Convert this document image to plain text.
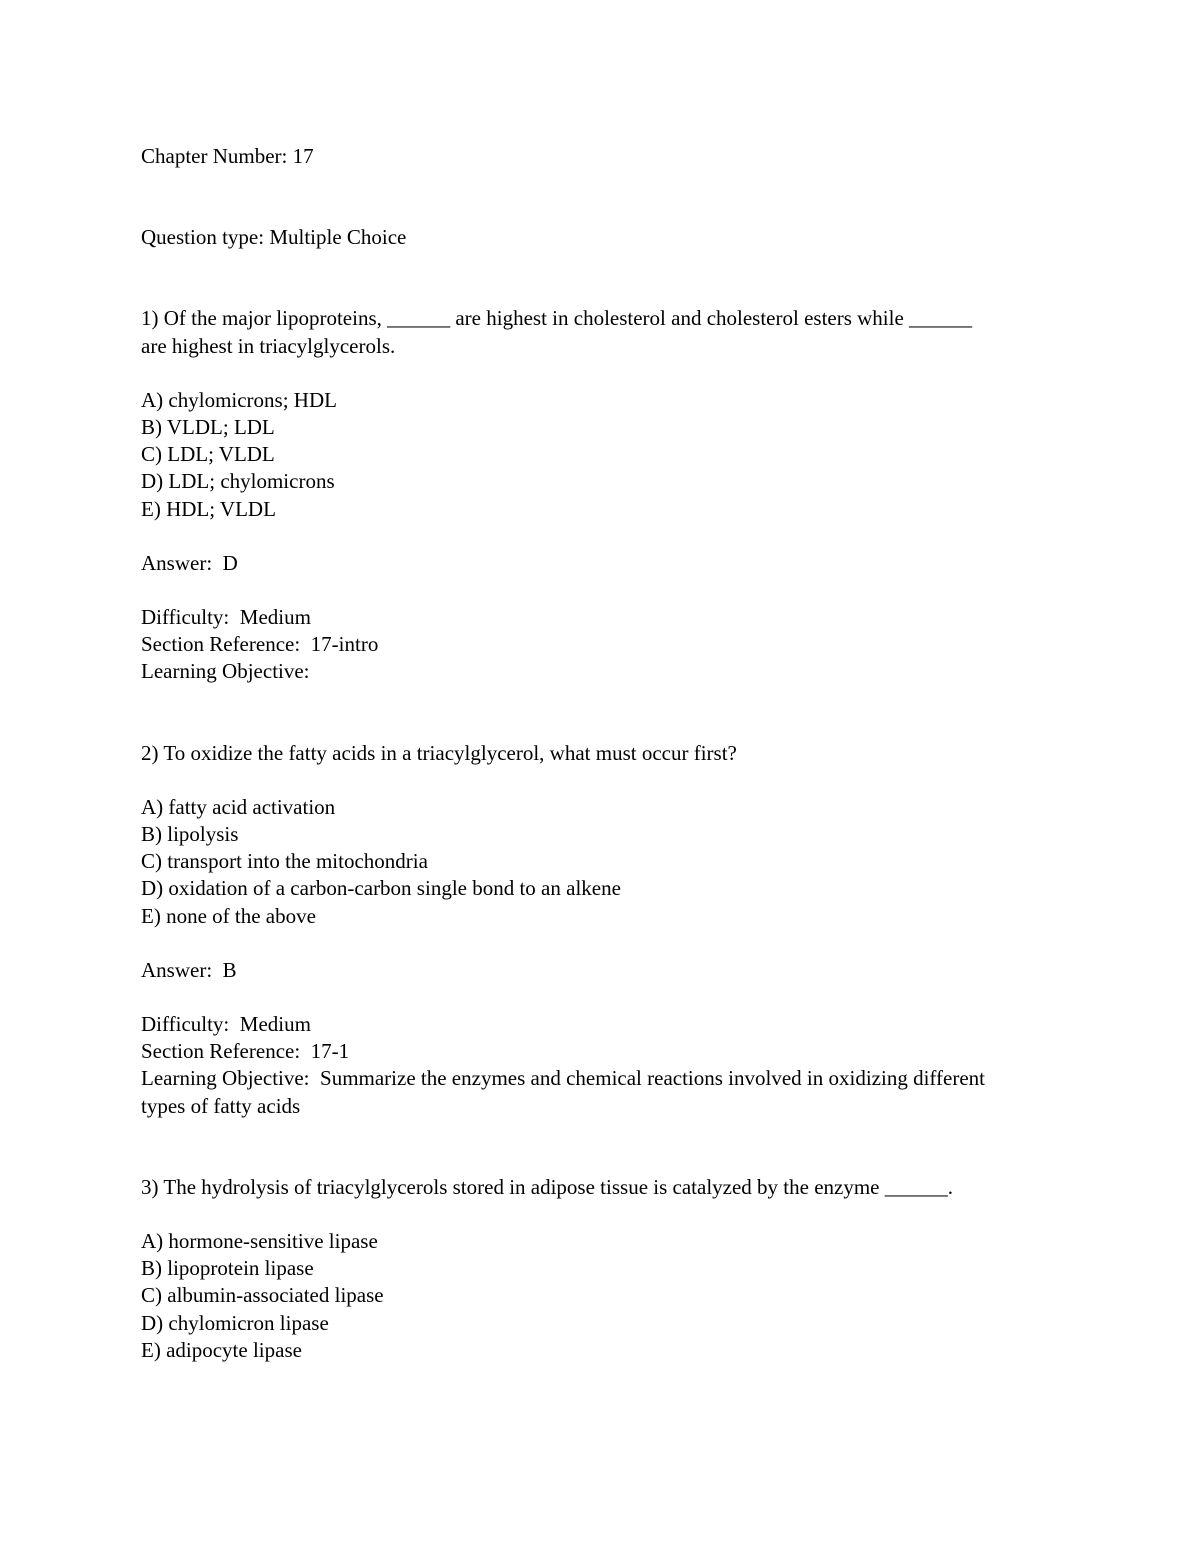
Chapter Number: 17

Question type: Multiple Choice

1) Of the major lipoproteins, ______ are highest in cholesterol and cholesterol esters while ______

are highest in triacylglycerols.

A) chylomicrons; HDL
B) VLDL; LDL
C) LDL; VLDL
D) LDL; chylomicrons
E) HDL; VLDL

Answer:  D

Difficulty:  Medium

Section Reference:  17-intro

Learning Objective:

2) To oxidize the fatty acids in a triacylglycerol, what must occur first?

A) fatty acid activation
B) lipolysis
C) transport into the mitochondria
D) oxidation of a carbon-carbon single bond to an alkene
E) none of the above

Answer:  B

Difficulty:  Medium

Section Reference:  17-1

Learning Objective:  Summarize the enzymes and chemical reactions involved in oxidizing different

types of fatty acids

3) The hydrolysis of triacylglycerols stored in adipose tissue is catalyzed by the enzyme ______.

A) hormone-sensitive lipase
B) lipoprotein lipase
C) albumin-associated lipase
D) chylomicron lipase
E) adipocyte lipase
